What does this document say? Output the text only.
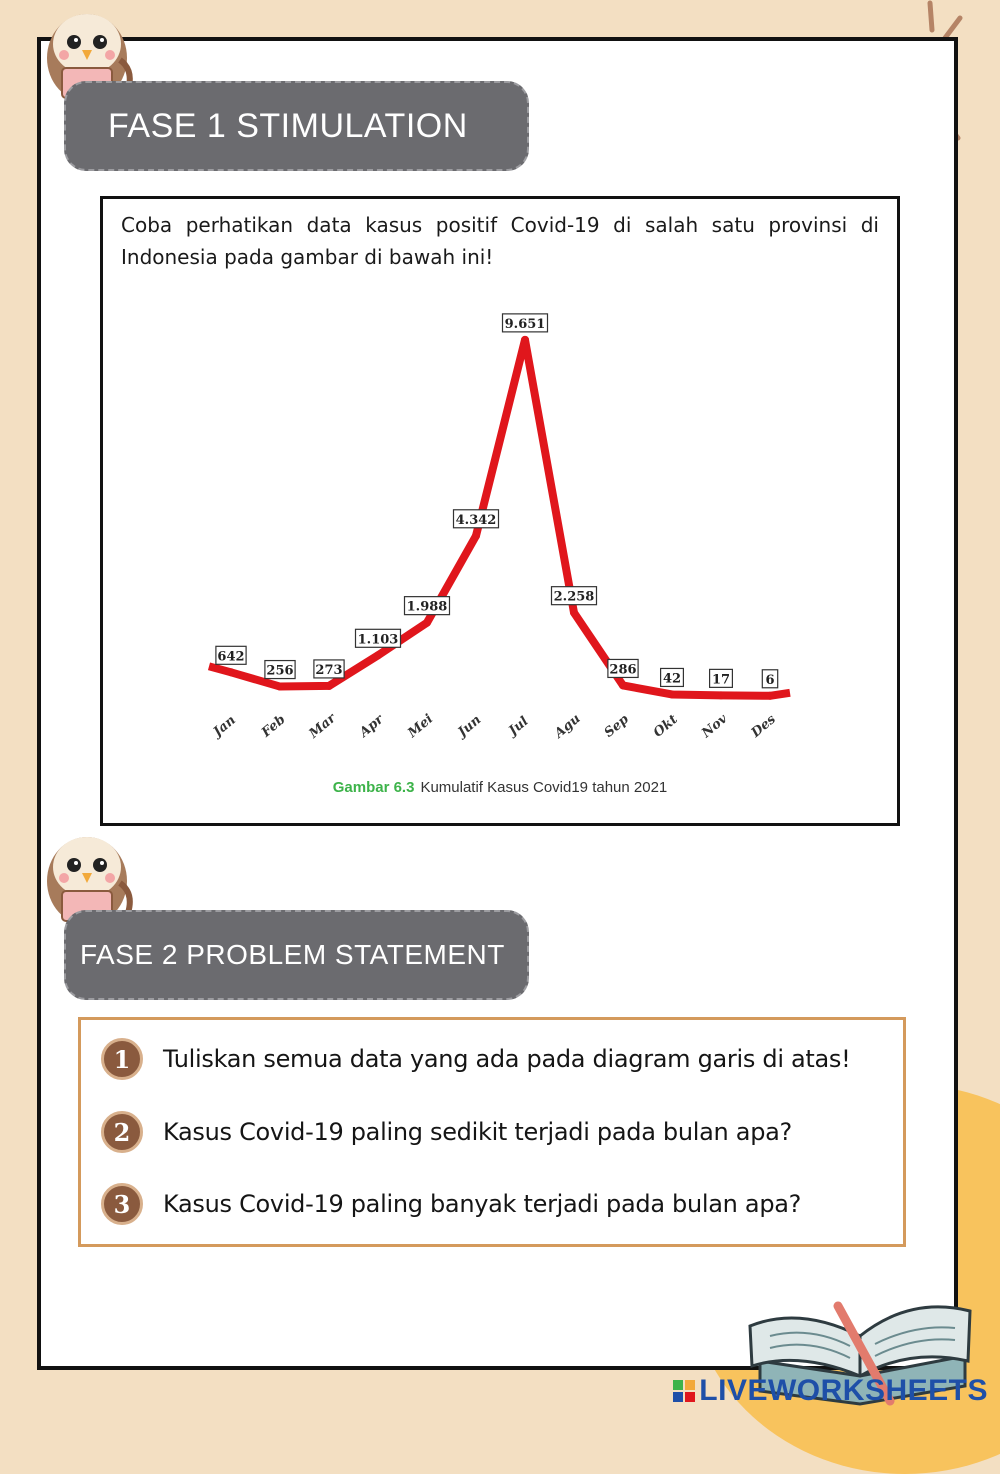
FASE 1 STIMULATION
Coba perhatikan data kasus positif Covid-19 di salah satu provinsi di Indonesia pada gambar di bawah ini!
642
256 273
1.103
1.988
4.342
9.651
2.258
286
42 17	6
Jan Feb Mar Apr Mei Jun Jul Agu Sep Okt Nov Des
Gambar 6.3 Kumulatif Kasus Covid19 tahun 2021
FASE 2 PROBLEM STATEMENT
1	Tuliskan semua data yang ada pada diagram garis di atas!
2	Kasus Covid-19 paling sedikit terjadi pada bulan apa?
3	Kasus Covid-19 paling banyak terjadi pada bulan apa?
LIVEWORKSHEETS
